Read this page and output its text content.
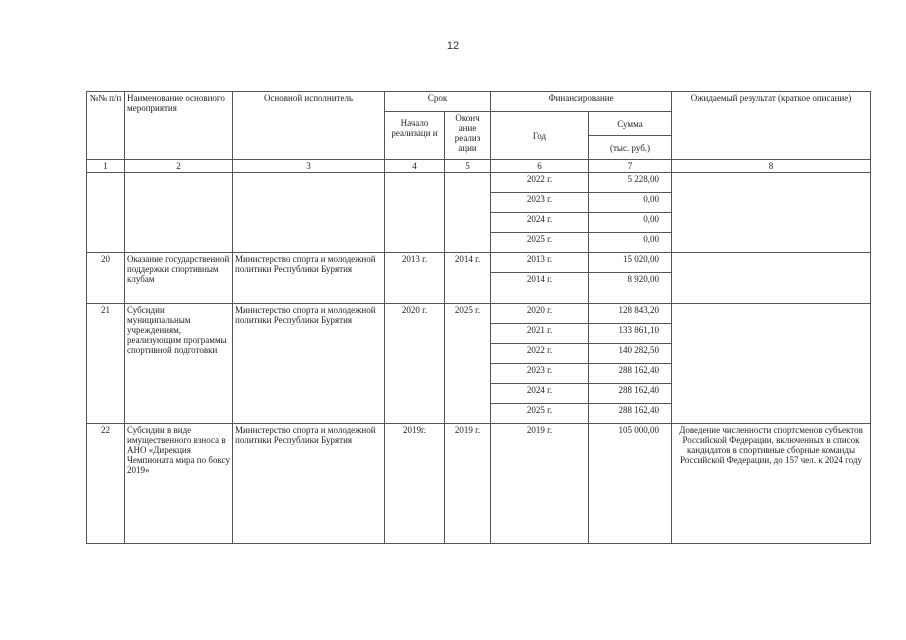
12
№№ п/п	Наименование основного мероприятия	Основной исполнитель	Срок		Финансирование		Ожидаемый результат (краткое описание)
			Начало реализаци и	Оконч ание реализ ации	Год	Сумма	
						(тыс. руб.)	
1	2	3	4	5	6	7	8
					2022 г.	5 228,00	
					2023 г.	0,00	
					2024 г.	0,00	
					2025 г.	0,00	
20	Оказание государственной поддержки спортивным клубам	Министерство спорта и молодежной политики Республики Бурятия	2013 г.	2014 г.	2013 г.	15 020,00	
					2014 г.	8 920,00	
21	Субсидии муниципальным учреждениям, реализующим программы спортивной подготовки	Министерство спорта и молодежной политики Республики Бурятия	2020 г.	2025 г.	2020 г.	128 843,20	
					2021 г.	133 861,10	
					2022 г.	140 282,50	
					2023 г.	288 162,40	
					2024 г.	288 162,40	
					2025 г.	288 162,40	
22	Субсидии в виде имущественного взноса в АНО «Дирекция Чемпионата мира по боксу 2019»	Министерство спорта и молодежной политики Республики Бурятия	2019г.	2019 г.	2019 г.	105 000,00	Доведение численности спортсменов субъектов Российской Федерации, включенных в список кандидатов в спортивные сборные команды Российской Федерации, до 157 чел. к 2024 году
